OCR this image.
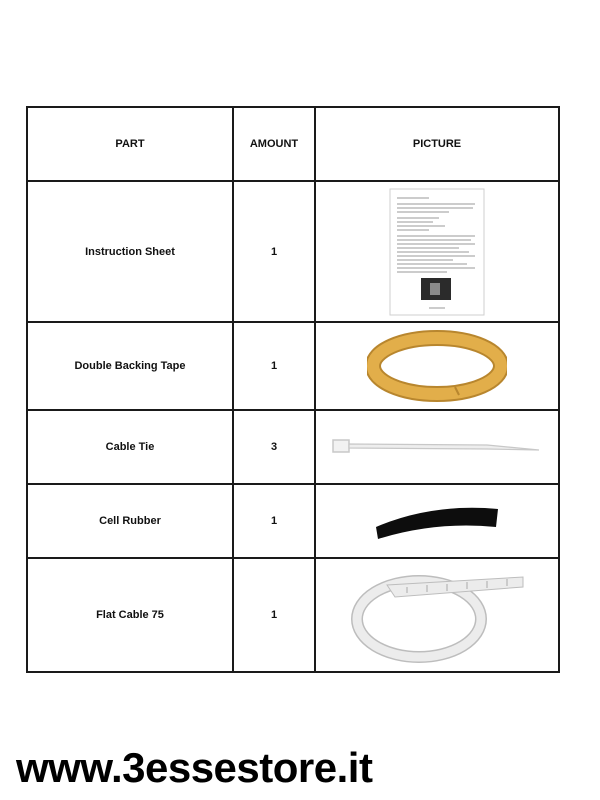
PART	AMOUNT	PICTURE
Instruction Sheet	1	

Double Backing Tape	1	

Cable Tie	3	

Cell Rubber	1	

Flat Cable 75	1	
www.3essestore.it
